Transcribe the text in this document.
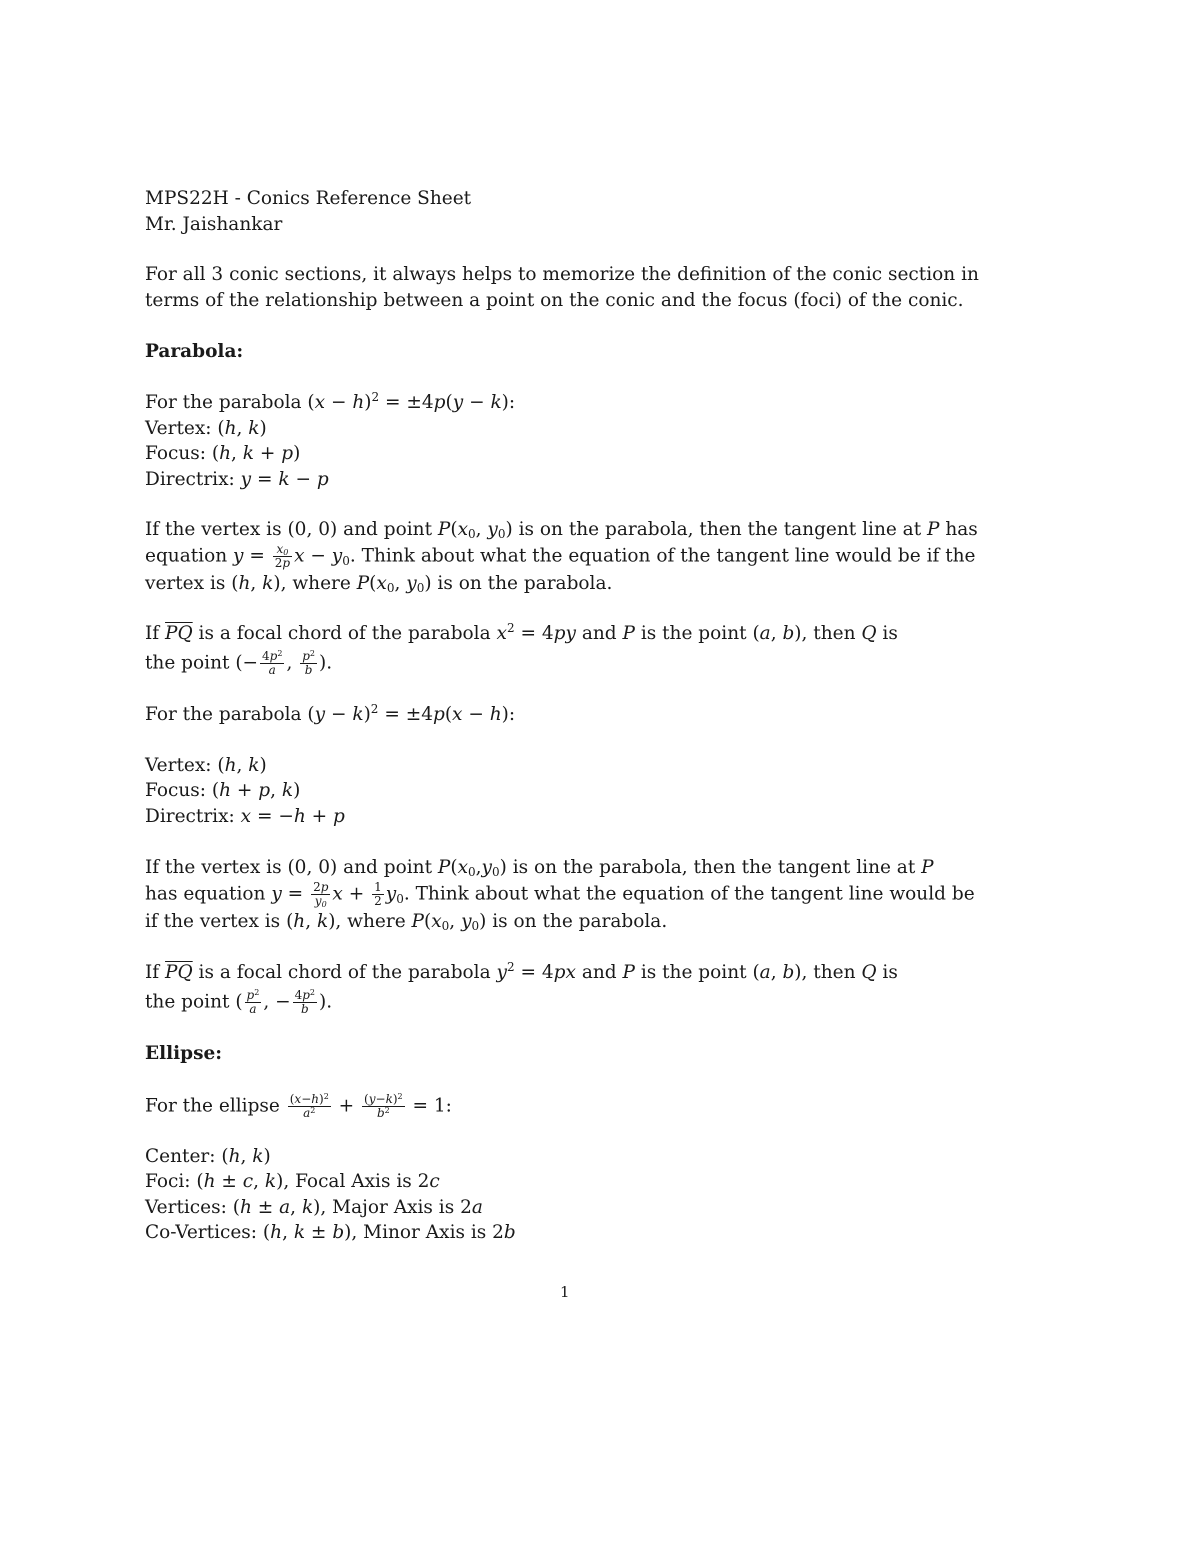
MPS22H - Conics Reference Sheet
Mr. Jaishankar
For all 3 conic sections, it always helps to memorize the definition of the conic section in
terms of the relationship between a point on the conic and the focus (foci) of the conic.
Parabola:
For the parabola $(x - h)^2 = \pm 4p(y - k)$:
Vertex: (h, k)
Focus: (h, k + p)
Directrix: y = k − p
If the vertex is (0, 0) and point $P(x_0$, $y_0$) is on the parabola, then the tangent line at P has
equation $y = \frac{x_0}{2p}$ $x - y_0$. Think about what the equation of the tangent line would be if the
vertex is (h, k), where $P(x_0$, $y_0$) is on the parabola.
If $\overline{PQ}$ is a focal chord of the parabola $x^2 = 4py$ and P is the point (a, b), then Q is
the point (− $\frac{4p^2}{a}$ , $\frac{p^2}{b}$ ).
For the parabola $(y - k)^2 = \pm 4p(x - h)$:
Vertex: (h, k)
Focus: (h + p, k)
Directrix: x = −h + p
If the vertex is (0, 0) and point $P(x_0,y_0)$ is on the parabola, then the tangent line at P
has equation $y = \frac{2p}{y_0}$ $x + \frac{1}{2} y_0$. Think about what the equation of the tangent line would be
if the vertex is (h, k), where $P(x_0$, $y_0$) is on the parabola.
If $\overline{PQ}$ is a focal chord of the parabola $y^2 = 4px$ and P is the point (a, b), then Q is
the point ( $\frac{p^2}{a}$ , − $\frac{4p^2}{b}$ ).
Ellipse:
For the ellipse $\frac{(x-h)^2}{a^2} + \frac{(y-k)^2}{b^2} = 1$:
Center: (h, k)
Foci: (h ± c, k), Focal Axis is 2c
Vertices: (h ± a, k), Major Axis is 2a
Co-Vertices: (h, k ± b), Minor Axis is 2b
1
